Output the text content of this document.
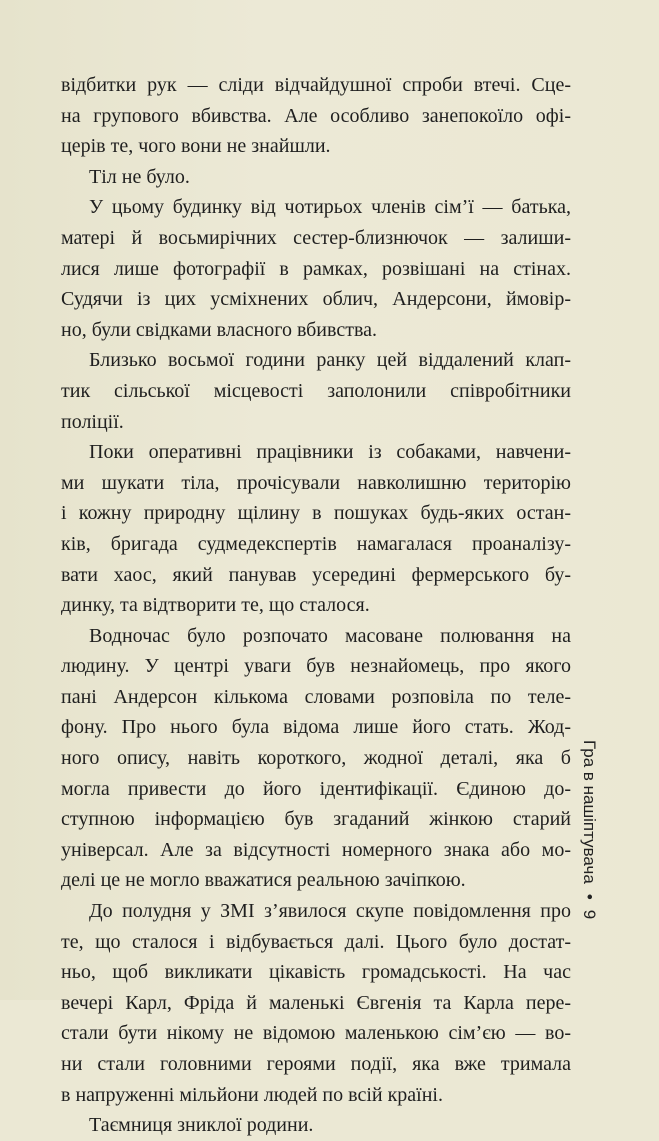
відбитки рук — сліди відчайдушної спроби втечі. Сце-
на групового вбивства. Але особливо занепокоїло офі-
церів те, чого вони не знайшли.
Тіл не було.
У цьому будинку від чотирьох членів сім’ї — батька,
матері й восьмирічних сестер-близнючок — залиши-
лися лише фотографії в рамках, розвішані на стінах.
Судячи із цих усміхнених облич, Андерсони, ймовір-
но, були свідками власного вбивства.
Близько восьмої години ранку цей віддалений клап-
тик сільської місцевості заполонили співробітники
поліції.
Поки оперативні працівники із собаками, навчени-
ми шукати тіла, прочісували навколишню територію
і кожну природну щілину в пошуках будь-яких остан-
ків, бригада судмедекспертів намагалася проаналізу-
вати хаос, який панував усередині фермерського бу-
динку, та відтворити те, що сталося.
Водночас було розпочато масоване полювання на
людину. У центрі уваги був незнайомець, про якого
пані Андерсон кількома словами розповіла по теле-
фону. Про нього була відома лише його стать. Жод-
ного опису, навіть короткого, жодної деталі, яка б
могла привести до його ідентифікації. Єдиною до-
ступною інформацією був згаданий жінкою старий
універсал. Але за відсутності номерного знака або мо-
делі це не могло вважатися реальною зачіпкою.
До полудня у ЗМІ з’явилося скупе повідомлення про
те, що сталося і відбувається далі. Цього було достат-
ньо, щоб викликати цікавість громадськості. На час
вечері Карл, Фріда й маленькі Євгенія та Карла пере-
стали бути нікому не відомою маленькою сім’єю — во-
ни стали головними героями події, яка вже тримала
в напруженні мільйони людей по всій країні.
Таємниця зниклої родини.
Гра в нашіптувача•9
